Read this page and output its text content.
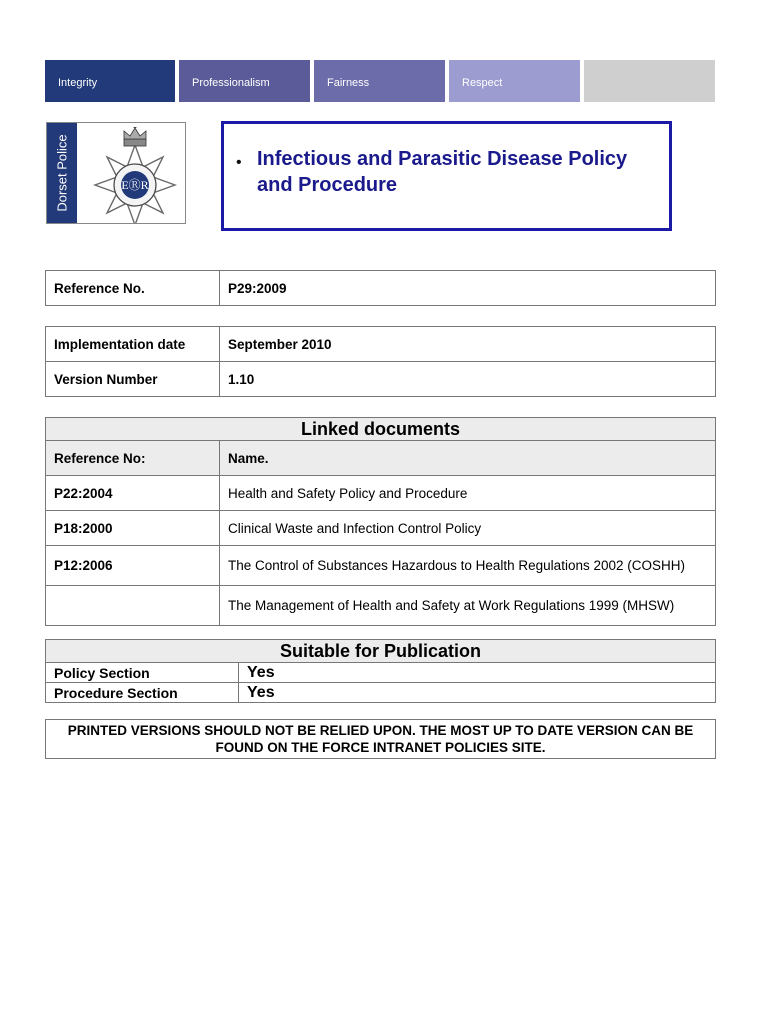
Integrity	Professionalism	Fairness	Respect
Dorset Police	EⓇR
• Infectious and Parasitic Disease Policy and Procedure
Reference No.	P29:2009
Implementation date	September 2010
Version Number	1.10
Linked documents	
Reference No:	Name.
P22:2004	Health and Safety Policy and Procedure
P18:2000	Clinical Waste and Infection Control Policy
P12:2006	The Control of Substances Hazardous to Health Regulations 2002 (COSHH)
	The Management of Health and Safety at Work Regulations 1999 (MHSW)
Suitable for Publication	
Policy Section	Yes
Procedure Section	Yes
PRINTED VERSIONS SHOULD NOT BE RELIED UPON. THE MOST UP TO DATE VERSION CAN BE FOUND ON THE FORCE INTRANET POLICIES SITE.
